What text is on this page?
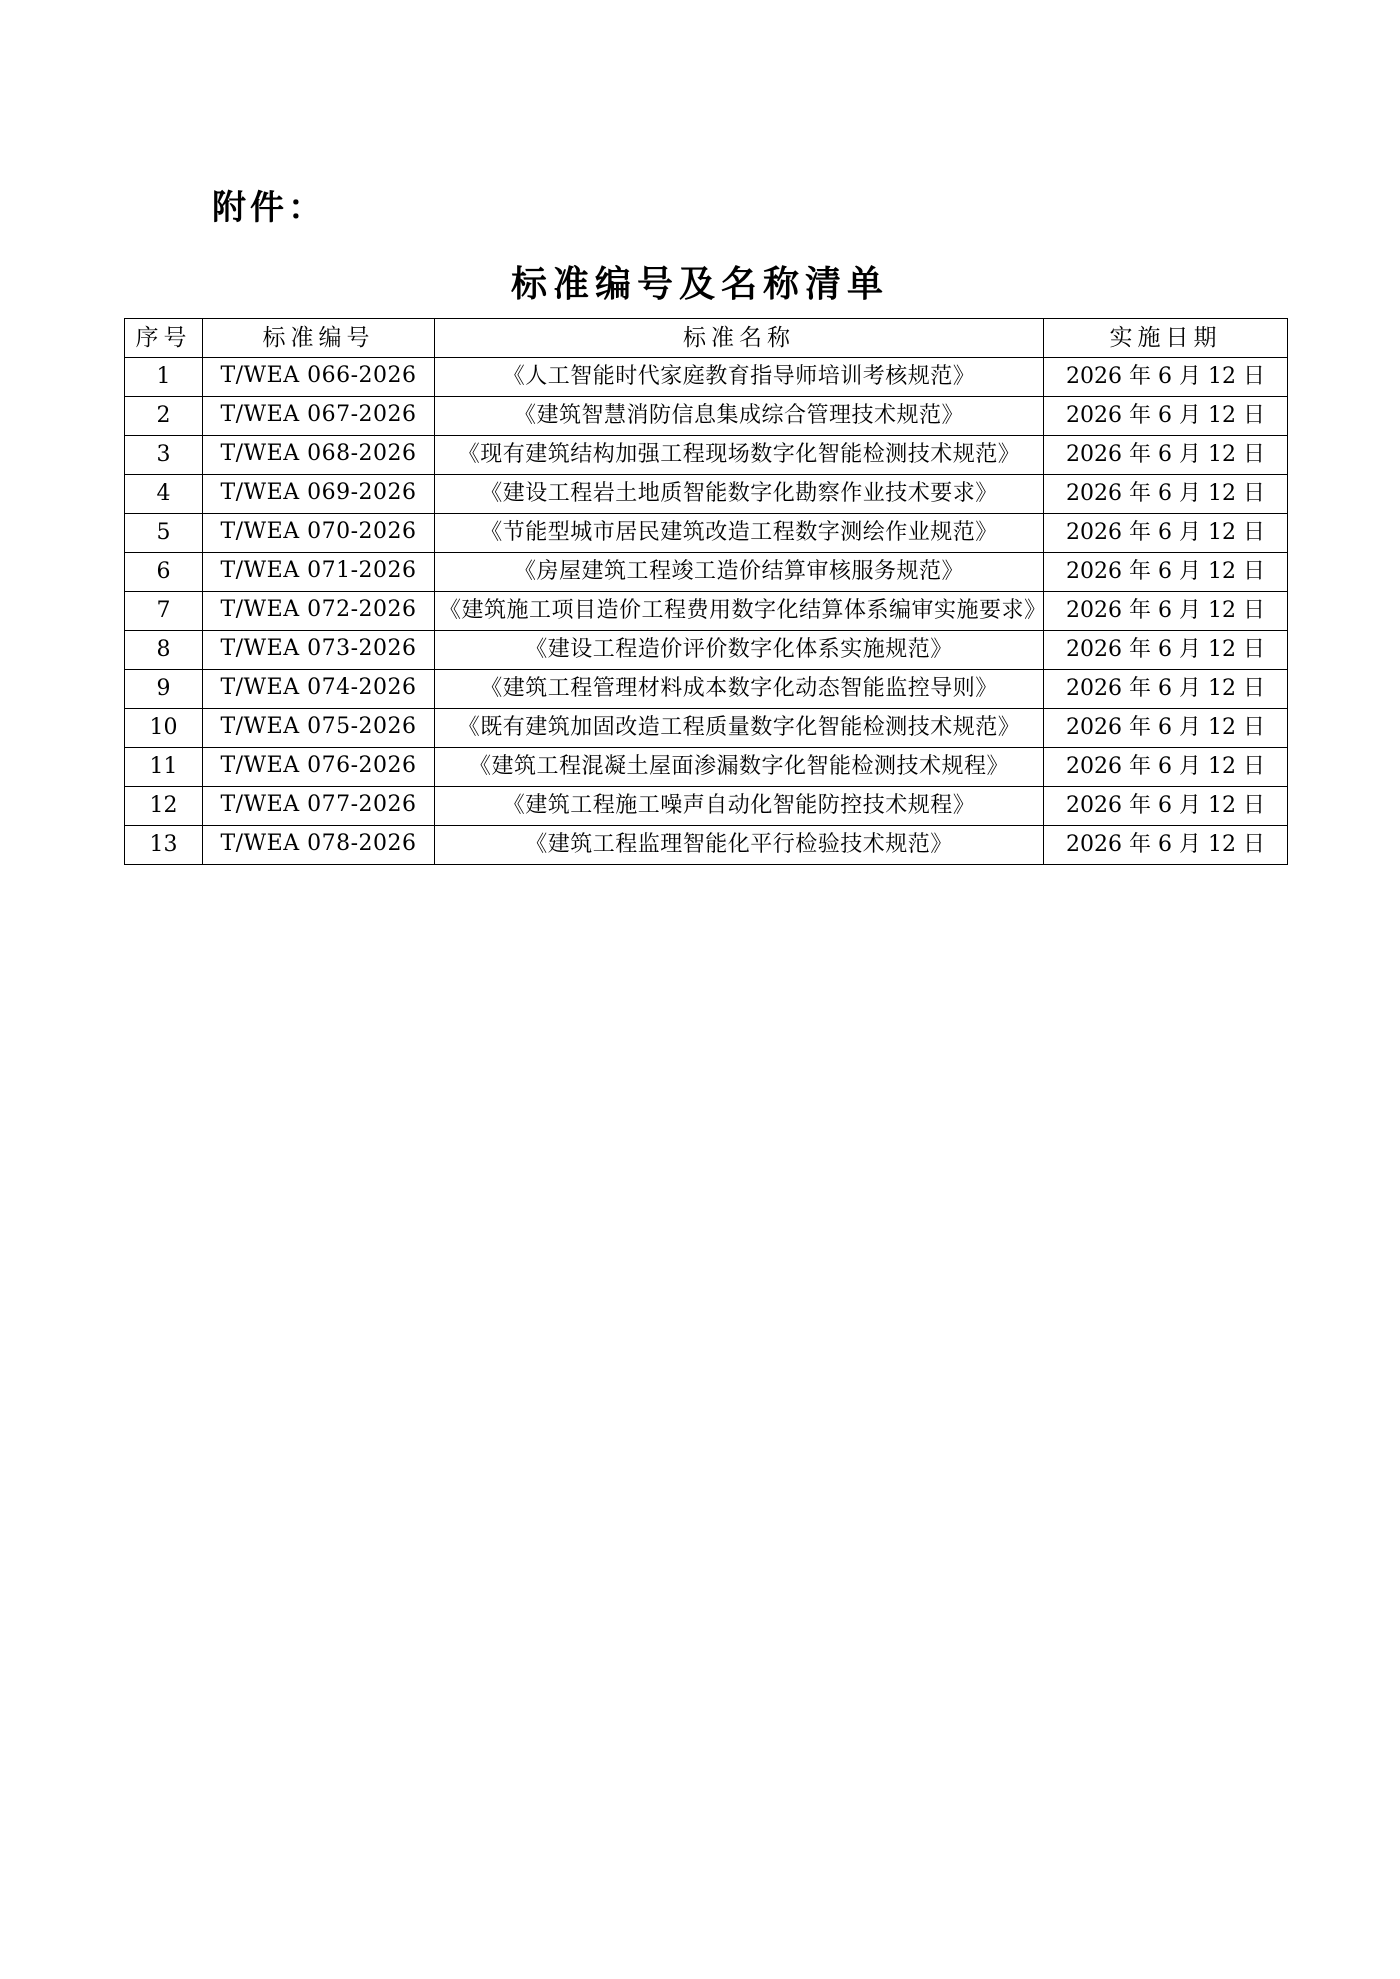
附件：
标准编号及名称清单
序号	标准编号	标准名称	实施日期
1	T/WEA 066-2026	《人工智能时代家庭教育指导师培训考核规范》	2026 年 6 月 12 日
2	T/WEA 067-2026	《建筑智慧消防信息集成综合管理技术规范》	2026 年 6 月 12 日
3	T/WEA 068-2026	《现有建筑结构加强工程现场数字化智能检测技术规范》	2026 年 6 月 12 日
4	T/WEA 069-2026	《建设工程岩土地质智能数字化勘察作业技术要求》	2026 年 6 月 12 日
5	T/WEA 070-2026	《节能型城市居民建筑改造工程数字测绘作业规范》	2026 年 6 月 12 日
6	T/WEA 071-2026	《房屋建筑工程竣工造价结算审核服务规范》	2026 年 6 月 12 日
7	T/WEA 072-2026	《建筑施工项目造价工程费用数字化结算体系编审实施要求》	2026 年 6 月 12 日
8	T/WEA 073-2026	《建设工程造价评价数字化体系实施规范》	2026 年 6 月 12 日
9	T/WEA 074-2026	《建筑工程管理材料成本数字化动态智能监控导则》	2026 年 6 月 12 日
10	T/WEA 075-2026	《既有建筑加固改造工程质量数字化智能检测技术规范》	2026 年 6 月 12 日
11	T/WEA 076-2026	《建筑工程混凝土屋面渗漏数字化智能检测技术规程》	2026 年 6 月 12 日
12	T/WEA 077-2026	《建筑工程施工噪声自动化智能防控技术规程》	2026 年 6 月 12 日
13	T/WEA 078-2026	《建筑工程监理智能化平行检验技术规范》	2026 年 6 月 12 日
